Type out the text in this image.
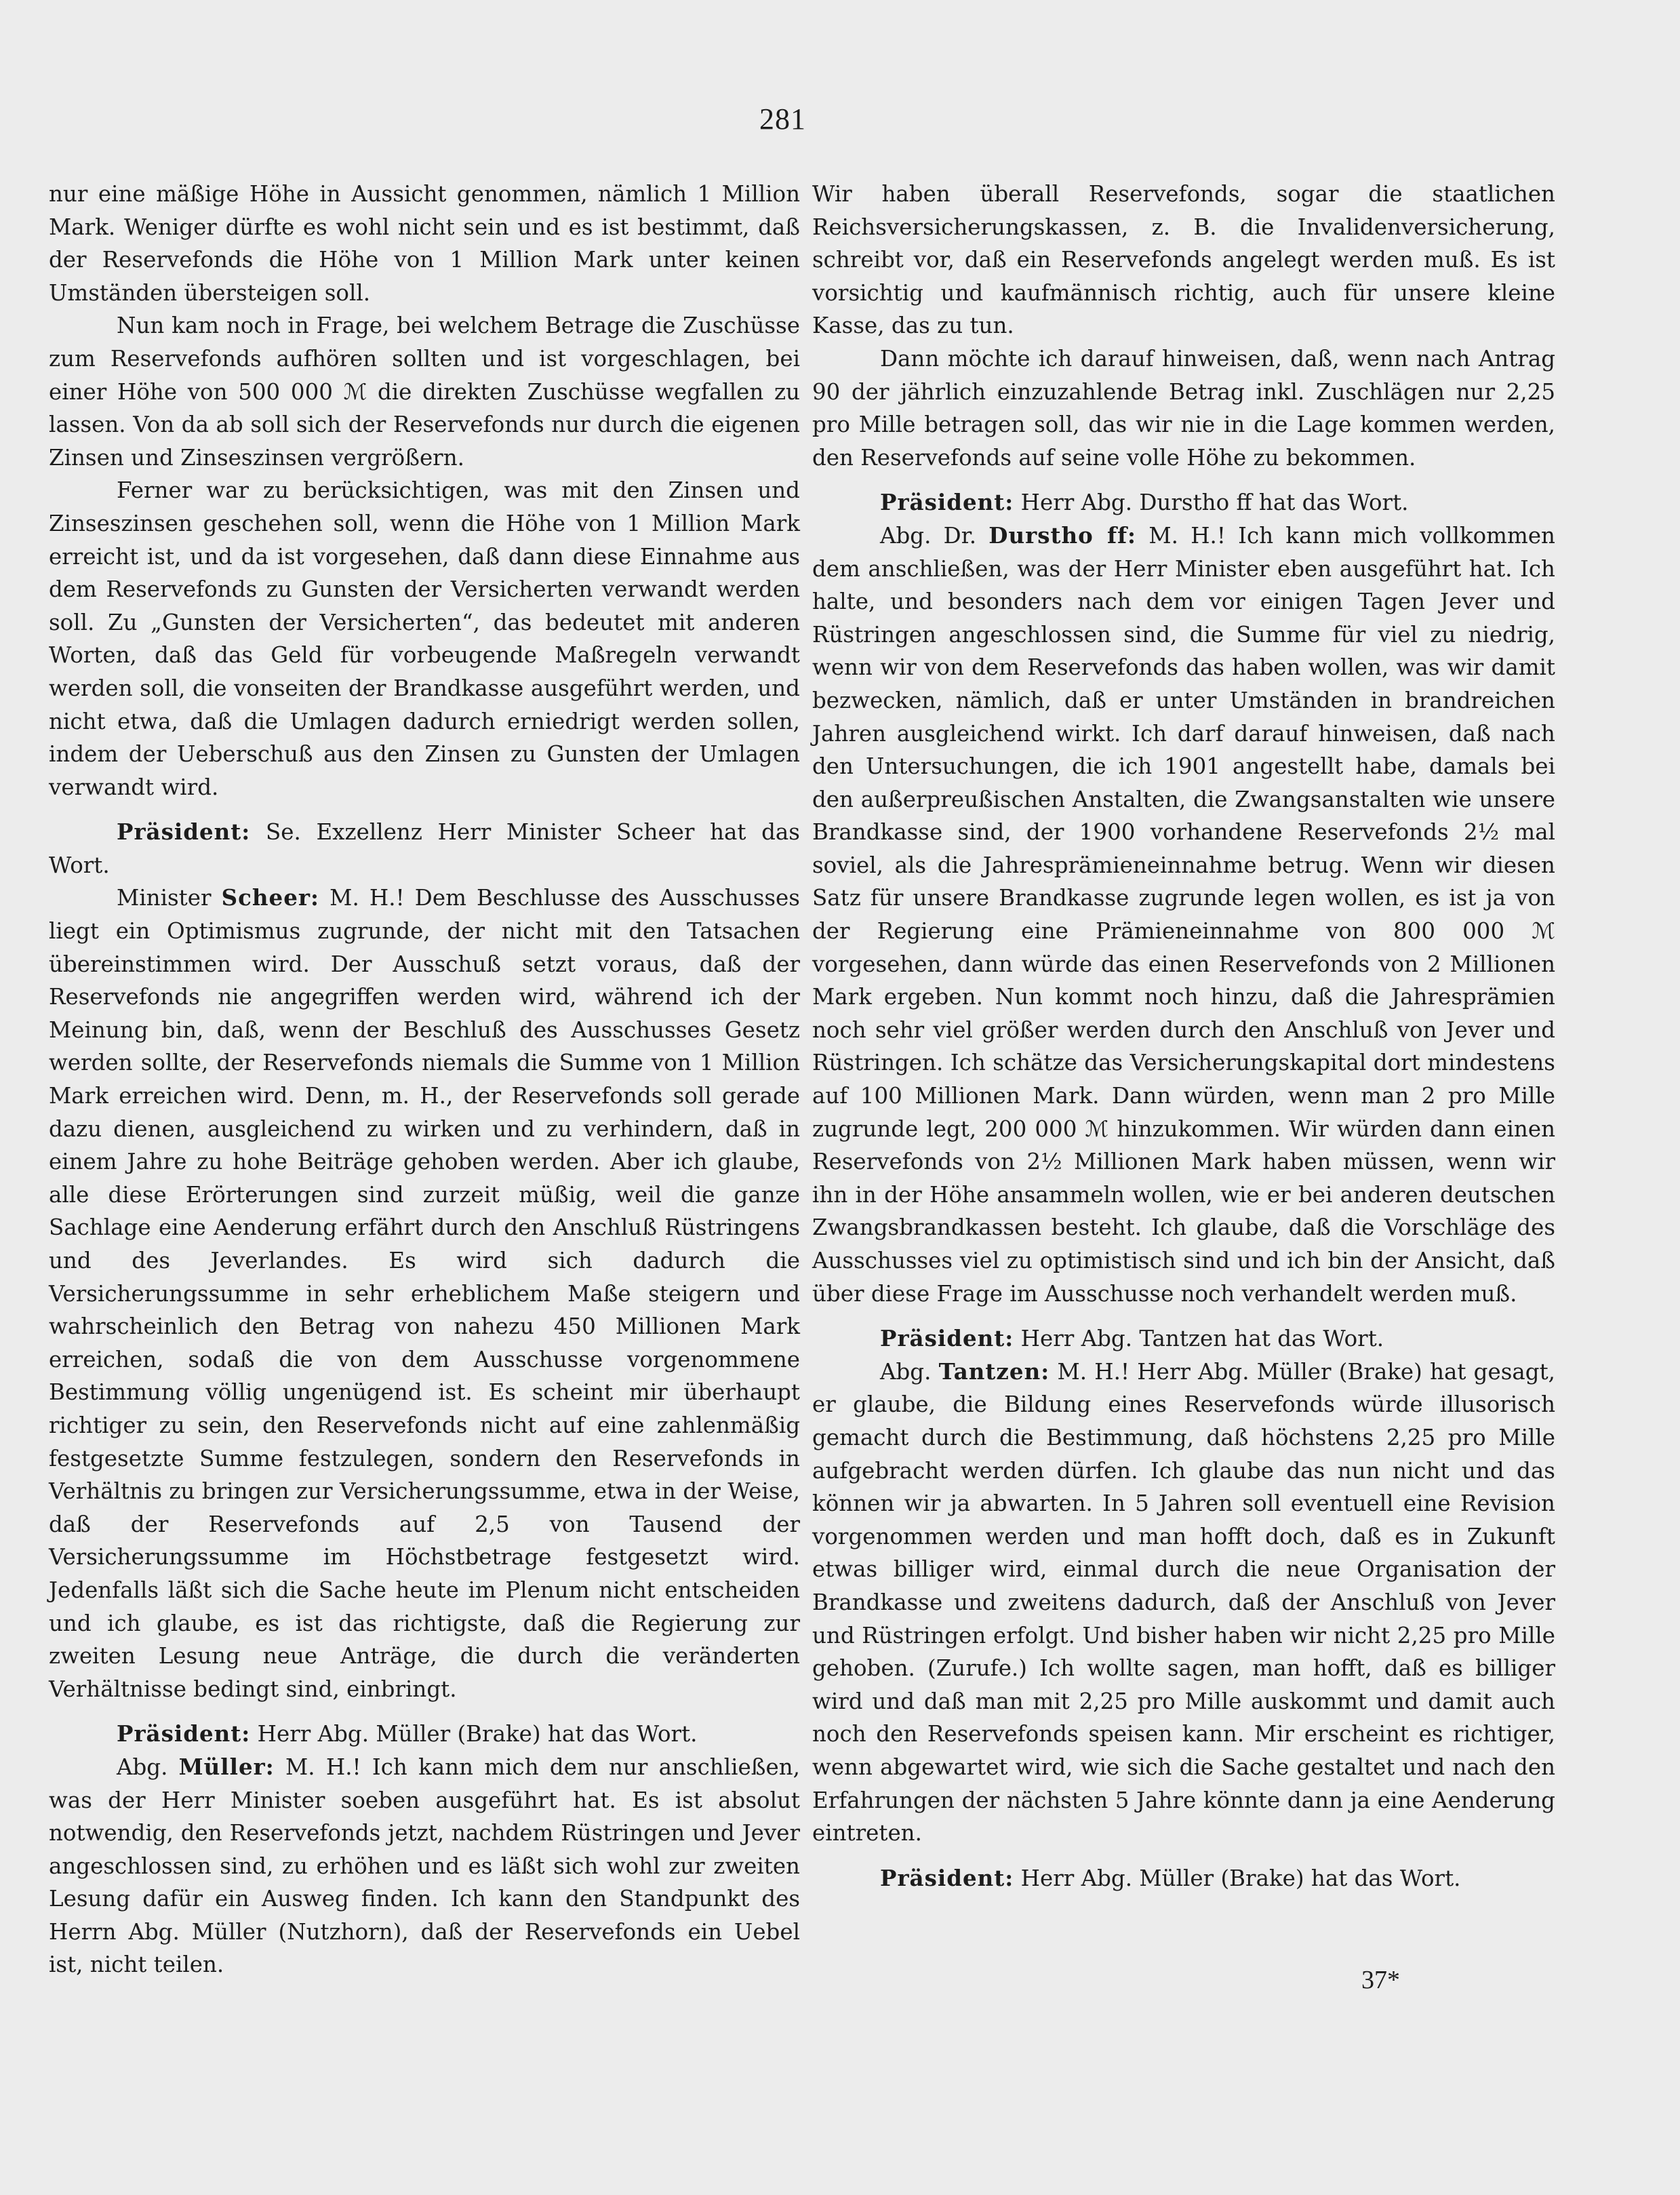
281

nur eine mäßige Höhe in Aussicht genommen, nämlich 1 Million Mark. Weniger dürfte es wohl nicht sein und es ist bestimmt, daß der Reservefonds die Höhe von 1 Million Mark unter keinen Umständen übersteigen soll.

Nun kam noch in Frage, bei welchem Betrage die Zuschüsse zum Reservefonds aufhören sollten und ist vorgeschlagen, bei einer Höhe von 500 000 ℳ die direkten Zuschüsse wegfallen zu lassen. Von da ab soll sich der Reservefonds nur durch die eigenen Zinsen und Zinseszinsen vergrößern.

Ferner war zu berücksichtigen, was mit den Zinsen und Zinseszinsen geschehen soll, wenn die Höhe von 1 Million Mark erreicht ist, und da ist vorgesehen, daß dann diese Einnahme aus dem Reservefonds zu Gunsten der Versicherten verwandt werden soll. Zu „Gunsten der Versicherten“, das bedeutet mit anderen Worten, daß das Geld für vorbeugende Maßregeln verwandt werden soll, die vonseiten der Brandkasse ausgeführt werden, und nicht etwa, daß die Umlagen dadurch erniedrigt werden sollen, indem der Ueberschuß aus den Zinsen zu Gunsten der Umlagen verwandt wird.

Präsident: Se. Exzellenz Herr Minister Scheer hat das Wort.

Minister Scheer: M. H.! Dem Beschlusse des Ausschusses liegt ein Optimismus zugrunde, der nicht mit den Tatsachen übereinstimmen wird. Der Ausschuß setzt voraus, daß der Reservefonds nie angegriffen werden wird, während ich der Meinung bin, daß, wenn der Beschluß des Ausschusses Gesetz werden sollte, der Reservefonds niemals die Summe von 1 Million Mark erreichen wird. Denn, m. H., der Reservefonds soll gerade dazu dienen, ausgleichend zu wirken und zu verhindern, daß in einem Jahre zu hohe Beiträge gehoben werden. Aber ich glaube, alle diese Erörterungen sind zurzeit müßig, weil die ganze Sachlage eine Aenderung erfährt durch den Anschluß Rüstringens und des Jeverlandes. Es wird sich dadurch die Versicherungssumme in sehr erheblichem Maße steigern und wahrscheinlich den Betrag von nahezu 450 Millionen Mark erreichen, sodaß die von dem Ausschusse vorgenommene Bestimmung völlig ungenügend ist. Es scheint mir überhaupt richtiger zu sein, den Reservefonds nicht auf eine zahlenmäßig festgesetzte Summe festzulegen, sondern den Reservefonds in Verhältnis zu bringen zur Versicherungssumme, etwa in der Weise, daß der Reservefonds auf 2,5 von Tausend der Versicherungssumme im Höchstbetrage festgesetzt wird. Jedenfalls läßt sich die Sache heute im Plenum nicht entscheiden und ich glaube, es ist das richtigste, daß die Regierung zur zweiten Lesung neue Anträge, die durch die veränderten Verhältnisse bedingt sind, einbringt.

Präsident: Herr Abg. Müller (Brake) hat das Wort.

Abg. Müller: M. H.! Ich kann mich dem nur anschließen, was der Herr Minister soeben ausgeführt hat. Es ist absolut notwendig, den Reservefonds jetzt, nachdem Rüstringen und Jever angeschlossen sind, zu erhöhen und es läßt sich wohl zur zweiten Lesung dafür ein Ausweg finden. Ich kann den Standpunkt des Herrn Abg. Müller (Nutzhorn), daß der Reservefonds ein Uebel ist, nicht teilen.

Wir haben überall Reservefonds, sogar die staatlichen Reichsversicherungskassen, z. B. die Invalidenversicherung, schreibt vor, daß ein Reservefonds angelegt werden muß. Es ist vorsichtig und kaufmännisch richtig, auch für unsere kleine Kasse, das zu tun.

Dann möchte ich darauf hinweisen, daß, wenn nach Antrag 90 der jährlich einzuzahlende Betrag inkl. Zuschlägen nur 2,25 pro Mille betragen soll, das wir nie in die Lage kommen werden, den Reservefonds auf seine volle Höhe zu bekommen.

Präsident: Herr Abg. Durstho ff hat das Wort.

Abg. Dr. Durstho ff: M. H.! Ich kann mich vollkommen dem anschließen, was der Herr Minister eben ausgeführt hat. Ich halte, und besonders nach dem vor einigen Tagen Jever und Rüstringen angeschlossen sind, die Summe für viel zu niedrig, wenn wir von dem Reservefonds das haben wollen, was wir damit bezwecken, nämlich, daß er unter Umständen in brandreichen Jahren ausgleichend wirkt. Ich darf darauf hinweisen, daß nach den Untersuchungen, die ich 1901 angestellt habe, damals bei den außerpreußischen Anstalten, die Zwangsanstalten wie unsere Brandkasse sind, der 1900 vorhandene Reservefonds 2½ mal soviel, als die Jahresprämieneinnahme betrug. Wenn wir diesen Satz für unsere Brandkasse zugrunde legen wollen, es ist ja von der Regierung eine Prämieneinnahme von 800 000 ℳ vorgesehen, dann würde das einen Reservefonds von 2 Millionen Mark ergeben. Nun kommt noch hinzu, daß die Jahresprämien noch sehr viel größer werden durch den Anschluß von Jever und Rüstringen. Ich schätze das Versicherungskapital dort mindestens auf 100 Millionen Mark. Dann würden, wenn man 2 pro Mille zugrunde legt, 200 000 ℳ hinzukommen. Wir würden dann einen Reservefonds von 2½ Millionen Mark haben müssen, wenn wir ihn in der Höhe ansammeln wollen, wie er bei anderen deutschen Zwangsbrandkassen besteht. Ich glaube, daß die Vorschläge des Ausschusses viel zu optimistisch sind und ich bin der Ansicht, daß über diese Frage im Ausschusse noch verhandelt werden muß.

Präsident: Herr Abg. Tantzen hat das Wort.

Abg. Tantzen: M. H.! Herr Abg. Müller (Brake) hat gesagt, er glaube, die Bildung eines Reservefonds würde illusorisch gemacht durch die Bestimmung, daß höchstens 2,25 pro Mille aufgebracht werden dürfen. Ich glaube das nun nicht und das können wir ja abwarten. In 5 Jahren soll eventuell eine Revision vorgenommen werden und man hofft doch, daß es in Zukunft etwas billiger wird, einmal durch die neue Organisation der Brandkasse und zweitens dadurch, daß der Anschluß von Jever und Rüstringen erfolgt. Und bisher haben wir nicht 2,25 pro Mille gehoben. (Zurufe.) Ich wollte sagen, man hofft, daß es billiger wird und daß man mit 2,25 pro Mille auskommt und damit auch noch den Reservefonds speisen kann. Mir erscheint es richtiger, wenn abgewartet wird, wie sich die Sache gestaltet und nach den Erfahrungen der nächsten 5 Jahre könnte dann ja eine Aenderung eintreten.

Präsident: Herr Abg. Müller (Brake) hat das Wort.

37*
